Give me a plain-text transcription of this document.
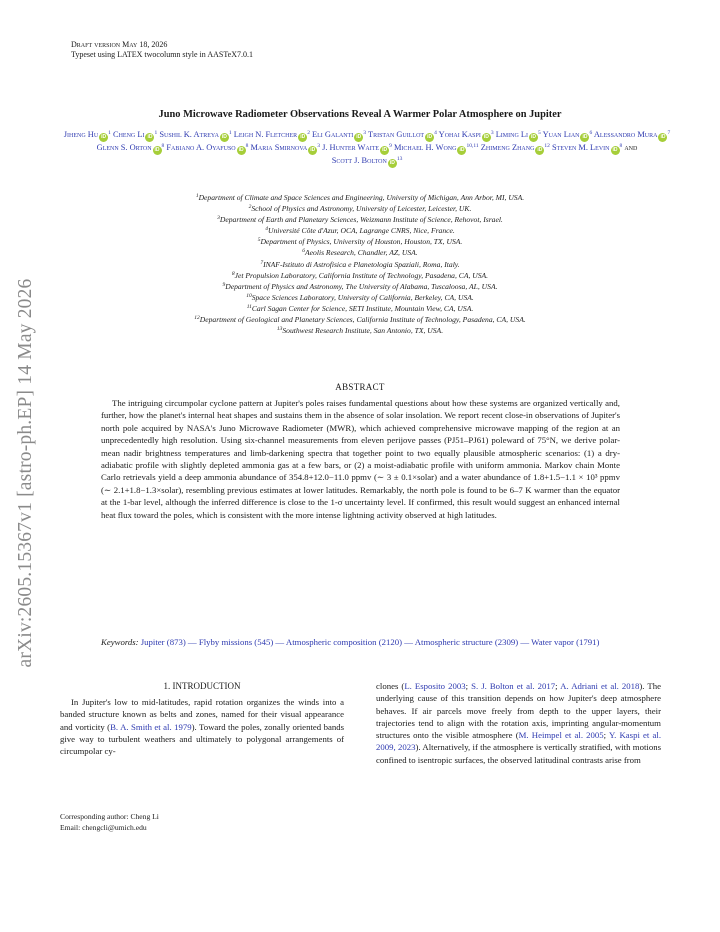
Draft version May 18, 2026
Typeset using LATEX twocolumn style in AASTeX7.0.1
arXiv:2605.15367v1 [astro-ph.EP] 14 May 2026
Juno Microwave Radiometer Observations Reveal A Warmer Polar Atmosphere on Jupiter
Jiheng Hu $iD^1$ Cheng Li $iD^1$ Sushil K. Atreya $iD^1$ Leigh N. Fletcher $iD^2$ Eli Galanti $iD^3$ Tristan Guillot $iD^4$ Yohai Kaspi $iD^3$ Liming Li $iD^5$ Yuan Lian $iD^6$ Alessandro Mura $iD^7$ Glenn S. Orton $iD^8$ Fabiano A. Oyafuso $iD^8$ Maria Smirnova $iD^3$ J. Hunter Waite $iD^9$ Michael H. Wong iD$^{10,11}$ Zhimeng Zhang $iD^{12}$ Steven M. Levin $iD^8$ and Scott J. Bolton $iD^{13}$
$^1$Department of Climate and Space Sciences and Engineering, University of Michigan, Ann Arbor, MI, USA.
$^2$School of Physics and Astronomy, University of Leicester, Leicester, UK.
$^3$Department of Earth and Planetary Sciences, Weizmann Institute of Science, Rehovot, Israel.
$^4$Université Côte d'Azur, OCA, Lagrange CNRS, Nice, France.
$^5$Department of Physics, University of Houston, Houston, TX, USA.
$^6$Aeolis Research, Chandler, AZ, USA.
$^7$INAF-Istituto di Astrofisica e Planetologia Spaziali, Roma, Italy.
$^8$Jet Propulsion Laboratory, California Institute of Technology, Pasadena, CA, USA.
$^9$Department of Physics and Astronomy, The University of Alabama, Tuscaloosa, AL, USA.
$^{10}$Space Sciences Laboratory, University of California, Berkeley, CA, USA.
$^{11}$Carl Sagan Center for Science, SETI Institute, Mountain View, CA, USA.
$^{12}$Department of Geological and Planetary Sciences, California Institute of Technology, Pasadena, CA, USA.
$^{13}$Southwest Research Institute, San Antonio, TX, USA.
ABSTRACT
The intriguing circumpolar cyclone pattern at Jupiter's poles raises fundamental questions about how these systems are organized vertically and, further, how the planet's internal heat shapes and sustains them in the absence of solar insolation. We report recent close-in observations of Jupiter's north pole acquired by NASA's Juno Microwave Radiometer (MWR), which achieved comprehensive microwave mapping of the region at an unprecedentedly high resolution. Using six-channel measurements from eleven perijove passes (PJ51–PJ61) poleward of 75°N, we derive polar-mean nadir brightness temperatures and limb-darkening spectra that together point to two equally plausible atmospheric scenarios: (1) a dry-adiabatic profile with slightly depleted ammonia gas at a few bars, or (2) a moist-adiabatic profile with uniform ammonia. Markov chain Monte Carlo retrievals yield a deep ammonia abundance of 354.8+12.0−11.0 ppmv (∼ 3 ± 0.1×solar) and a water abundance of 1.8+1.5−1.1 × 10³ ppmv (∼ 2.1+1.8−1.3×solar), resembling previous estimates at lower latitudes. Remarkably, the north pole is found to be 6–7 K warmer than the equator at the 1-bar level, although the inferred difference is close to the 1-σ uncertainty level. If confirmed, this result would suggest an enhanced internal heat flux toward the poles, which is consistent with the more intense lightning activity observed at high latitudes.
Keywords: Jupiter (873) — Flyby missions (545) — Atmospheric composition (2120) — Atmospheric structure (2309) — Water vapor (1791)
1. INTRODUCTION
In Jupiter's low to mid-latitudes, rapid rotation organizes the winds into a banded structure known as belts and zones, named for their visual appearance and vorticity (B. A. Smith et al. 1979). Toward the poles, zonally oriented bands give way to turbulent weathers and ultimately to polygonal arrangements of circumpolar cy-
clones (L. Esposito 2003; S. J. Bolton et al. 2017; A. Adriani et al. 2018). The underlying cause of this transition depends on how Jupiter's deep atmosphere behaves. If air parcels move freely from depth to the upper layers, their trajectories tend to align with the rotation axis, imprinting angular-momentum structures onto the visible atmosphere (M. Heimpel et al. 2005; Y. Kaspi et al. 2009, 2023). Alternatively, if the atmosphere is vertically stratified, with motions confined to isentropic surfaces, the observed latitudinal contrasts arise from
Corresponding author: Cheng Li
Email: chengcli@umich.edu
